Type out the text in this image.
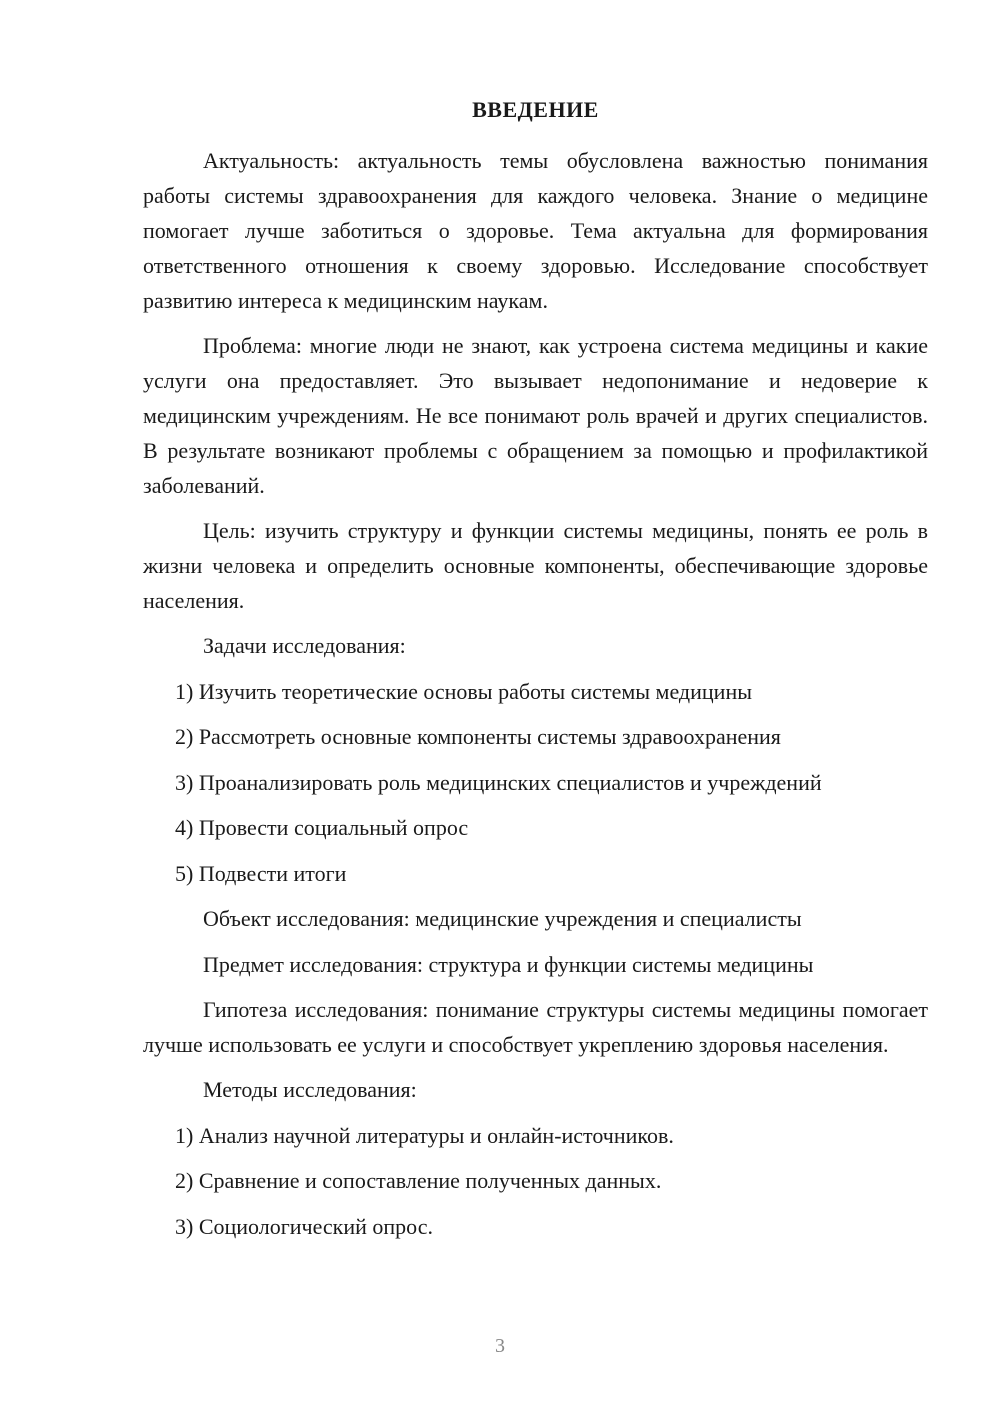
ВВЕДЕНИЕ

Актуальность: актуальность темы обусловлена важностью понимания работы системы здравоохранения для каждого человека. Знание о медицине помогает лучше заботиться о здоровье. Тема актуальна для формирования ответственного отношения к своему здоровью. Исследование способствует развитию интереса к медицинским наукам.

Проблема: многие люди не знают, как устроена система медицины и какие услуги она предоставляет. Это вызывает недопонимание и недоверие к медицинским учреждениям. Не все понимают роль врачей и других специалистов. В результате возникают проблемы с обращением за помощью и профилактикой заболеваний.

Цель: изучить структуру и функции системы медицины, понять ее роль в жизни человека и определить основные компоненты, обеспечивающие здоровье населения.

Задачи исследования:
1) Изучить теоретические основы работы системы медицины
2) Рассмотреть основные компоненты системы здравоохранения
3) Проанализировать роль медицинских специалистов и учреждений
4) Провести социальный опрос
5) Подвести итоги
Объект исследования: медицинские учреждения и специалисты
Предмет исследования: структура и функции системы медицины

Гипотеза исследования: понимание структуры системы медицины помогает лучше использовать ее услуги и способствует укреплению здоровья населения.

Методы исследования:
1) Анализ научной литературы и онлайн-источников.
2) Сравнение и сопоставление полученных данных.
3) Социологический опрос.
3
